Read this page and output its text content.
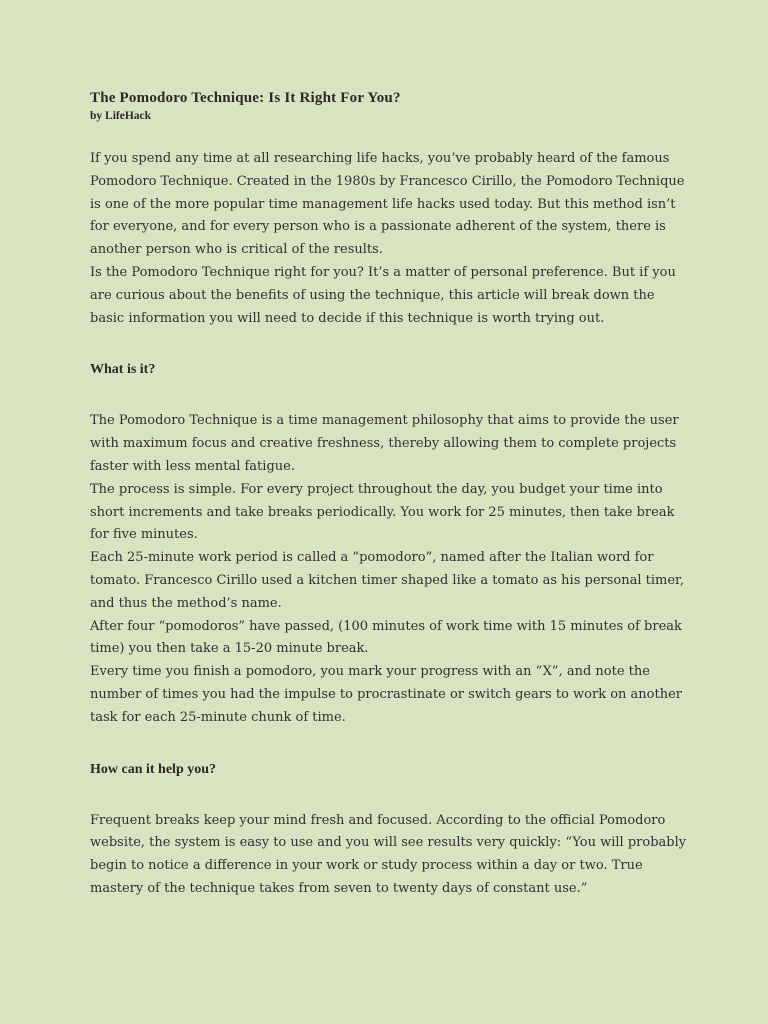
The Pomodoro Technique: Is It Right For You?
by LifeHack

If you spend any time at all researching life hacks, you’ve probably heard of the famous Pomodoro Technique. Created in the 1980s by Francesco Cirillo, the Pomodoro Technique is one of the more popular time management life hacks used today. But this method isn’t for everyone, and for every person who is a passionate adherent of the system, there is another person who is critical of the results.

Is the Pomodoro Technique right for you? It’s a matter of personal preference. But if you are curious about the benefits of using the technique, this article will break down the basic information you will need to decide if this technique is worth trying out.

What is it?

The Pomodoro Technique is a time management philosophy that aims to provide the user with maximum focus and creative freshness, thereby allowing them to complete projects faster with less mental fatigue.

The process is simple. For every project throughout the day, you budget your time into short increments and take breaks periodically. You work for 25 minutes, then take break for five minutes.

Each 25-minute work period is called a “pomodoro”, named after the Italian word for tomato. Francesco Cirillo used a kitchen timer shaped like a tomato as his personal timer, and thus the method’s name.

After four “pomodoros” have passed, (100 minutes of work time with 15 minutes of break time) you then take a 15-20 minute break.

Every time you finish a pomodoro, you mark your progress with an “X”, and note the number of times you had the impulse to procrastinate or switch gears to work on another task for each 25-minute chunk of time.

How can it help you?

Frequent breaks keep your mind fresh and focused. According to the official Pomodoro website, the system is easy to use and you will see results very quickly: “You will probably begin to notice a difference in your work or study process within a day or two. True mastery of the technique takes from seven to twenty days of constant use.”
